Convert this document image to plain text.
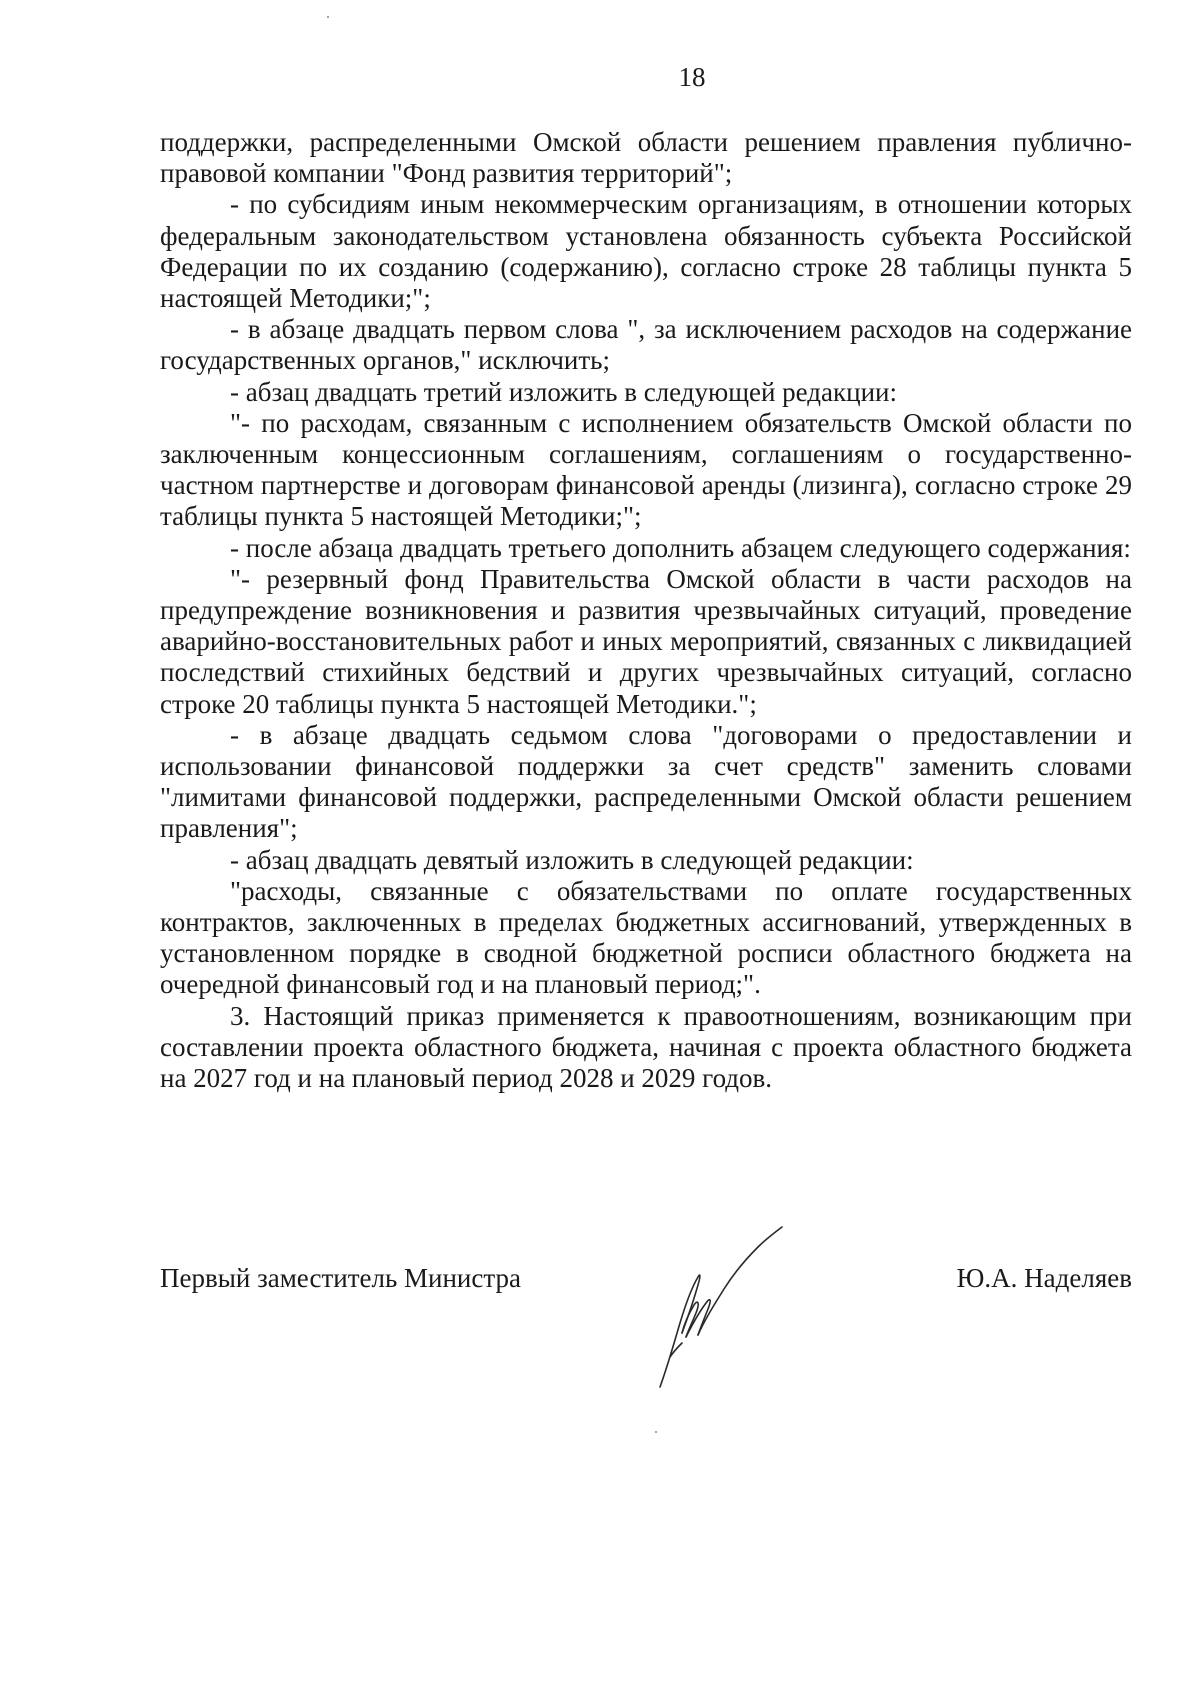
18

поддержки, распределенными Омской области решением правления публично-правовой компании "Фонд развития территорий";

- по субсидиям иным некоммерческим организациям, в отношении которых федеральным законодательством установлена обязанность субъекта Российской Федерации по их созданию (содержанию), согласно строке 28 таблицы пункта 5 настоящей Методики;";

- в абзаце двадцать первом слова ", за исключением расходов на содержание государственных органов," исключить;

- абзац двадцать третий изложить в следующей редакции:

"- по расходам, связанным с исполнением обязательств Омской области по заключенным концессионным соглашениям, соглашениям о государственно-частном партнерстве и договорам финансовой аренды (лизинга), согласно строке 29 таблицы пункта 5 настоящей Методики;";

- после абзаца двадцать третьего дополнить абзацем следующего содержания:

"- резервный фонд Правительства Омской области в части расходов на предупреждение возникновения и развития чрезвычайных ситуаций, проведение аварийно-восстановительных работ и иных мероприятий, связанных с ликвидацией последствий стихийных бедствий и других чрезвычайных ситуаций, согласно строке 20 таблицы пункта 5 настоящей Методики.";

- в абзаце двадцать седьмом слова "договорами о предоставлении и использовании финансовой поддержки за счет средств" заменить словами "лимитами финансовой поддержки, распределенными Омской области решением правления";

- абзац двадцать девятый изложить в следующей редакции:

"расходы, связанные с обязательствами по оплате государственных контрактов, заключенных в пределах бюджетных ассигнований, утвержденных в установленном порядке в сводной бюджетной росписи областного бюджета на очередной финансовый год и на плановый период;".

3. Настоящий приказ применяется к правоотношениям, возникающим при составлении проекта областного бюджета, начиная с проекта областного бюджета на 2027 год и на плановый период 2028 и 2029 годов.

Первый заместитель Министра	Ю.А. Наделяев
